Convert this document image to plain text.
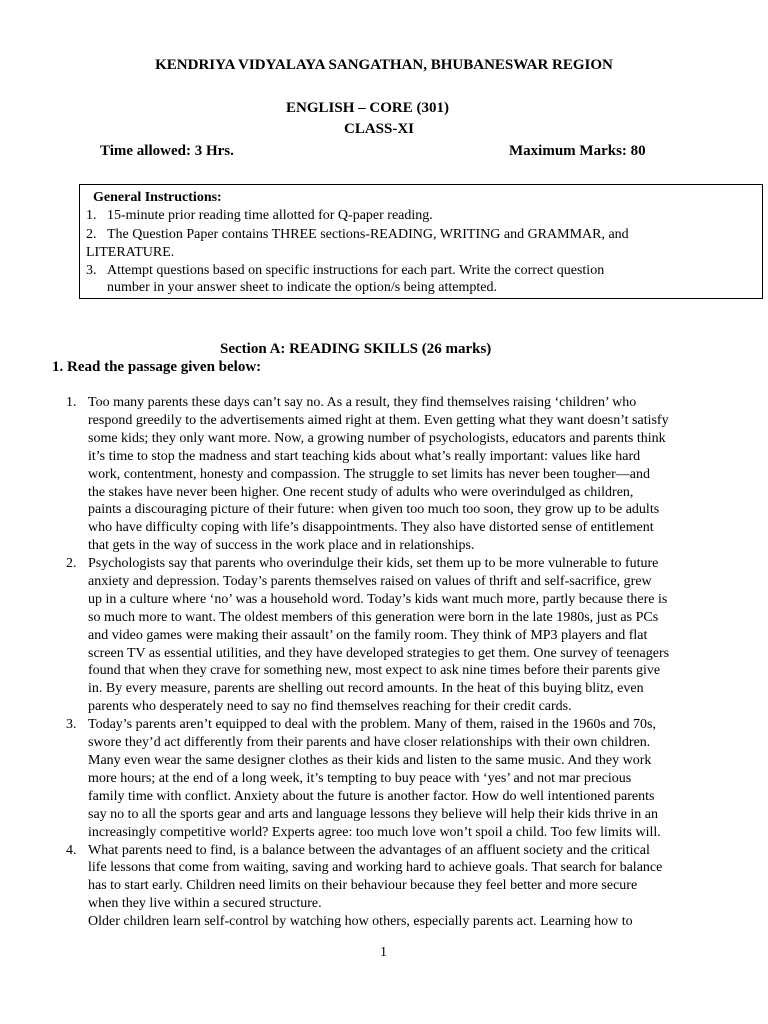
KENDRIYA VIDYALAYA SANGATHAN, BHUBANESWAR REGION
ENGLISH – CORE (301)
CLASS-XI
Time allowed: 3 Hrs.	Maximum Marks: 80
General Instructions:
1. 15-minute prior reading time allotted for Q-paper reading.
2. The Question Paper contains THREE sections-READING, WRITING and GRAMMAR, and
LITERATURE.
3. Attempt questions based on specific instructions for each part. Write the correct question
number in your answer sheet to indicate the option/s being attempted.
Section A: READING SKILLS (26 marks)
1. Read the passage given below:
1. Too many parents these days can’t say no. As a result, they find themselves raising ‘children’ who
respond greedily to the advertisements aimed right at them. Even getting what they want doesn’t satisfy
some kids; they only want more. Now, a growing number of psychologists, educators and parents think
it’s time to stop the madness and start teaching kids about what’s really important: values like hard
work, contentment, honesty and compassion. The struggle to set limits has never been tougher—and
the stakes have never been higher. One recent study of adults who were overindulged as children,
paints a discouraging picture of their future: when given too much too soon, they grow up to be adults
who have difficulty coping with life’s disappointments. They also have distorted sense of entitlement
that gets in the way of success in the work place and in relationships.
2. Psychologists say that parents who overindulge their kids, set them up to be more vulnerable to future
anxiety and depression. Today’s parents themselves raised on values of thrift and self-sacrifice, grew
up in a culture where ‘no’ was a household word. Today’s kids want much more, partly because there is
so much more to want. The oldest members of this generation were born in the late 1980s, just as PCs
and video games were making their assault’ on the family room. They think of MP3 players and flat
screen TV as essential utilities, and they have developed strategies to get them. One survey of teenagers
found that when they crave for something new, most expect to ask nine times before their parents give
in. By every measure, parents are shelling out record amounts. In the heat of this buying blitz, even
parents who desperately need to say no find themselves reaching for their credit cards.
3. Today’s parents aren’t equipped to deal with the problem. Many of them, raised in the 1960s and 70s,
swore they’d act differently from their parents and have closer relationships with their own children.
Many even wear the same designer clothes as their kids and listen to the same music. And they work
more hours; at the end of a long week, it’s tempting to buy peace with ‘yes’ and not mar precious
family time with conflict. Anxiety about the future is another factor. How do well intentioned parents
say no to all the sports gear and arts and language lessons they believe will help their kids thrive in an
increasingly competitive world? Experts agree: too much love won’t spoil a child. Too few limits will.
4. What parents need to find, is a balance between the advantages of an affluent society and the critical
life lessons that come from waiting, saving and working hard to achieve goals. That search for balance
has to start early. Children need limits on their behaviour because they feel better and more secure
when they live within a secured structure.
Older children learn self-control by watching how others, especially parents act. Learning how to
1
